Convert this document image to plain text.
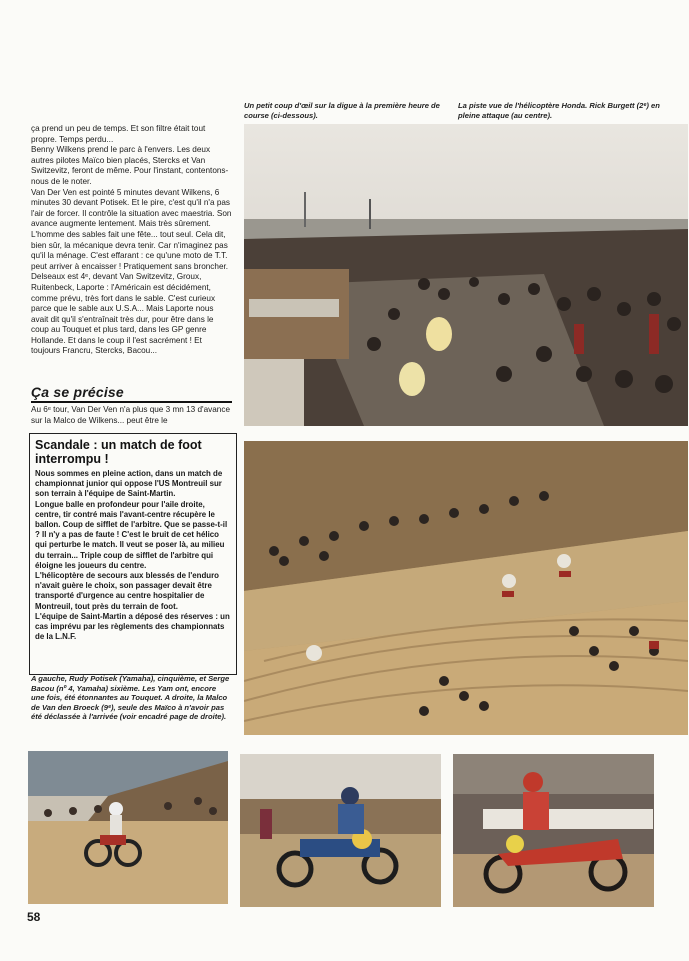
Un petit coup d'œil sur la digue à la première heure de course (ci-dessous).
La piste vue de l'hélicoptère Honda. Rick Burgett (2ᵉ) en pleine attaque (au centre).

ça prend un peu de temps. Et son filtre était tout propre. Temps perdu...

Benny Wilkens prend le parc à l'envers. Les deux autres pilotes Maïco bien placés, Stercks et Van Switzevitz, feront de même. Pour l'instant, contentons-nous de le noter.

Van Der Ven est pointé 5 minutes devant Wilkens, 6 minutes 30 devant Potisek. Et le pire, c'est qu'il n'a pas l'air de forcer. Il contrôle la situation avec maestria. Son avance augmente lentement. Mais très sûrement. L'homme des sables fait une fête... tout seul. Cela dit, bien sûr, la mécanique devra tenir. Car n'imaginez pas qu'il la ménage. C'est effarant : ce qu'une moto de T.T. peut arriver à encaisser ! Pratiquement sans broncher.

Delseaux est 4ᵉ, devant Van Switzevitz, Groux, Ruitenbeck, Laporte : l'Américain est décidément, comme prévu, très fort dans le sable. C'est curieux parce que le sable aux U.S.A... Mais Laporte nous avait dit qu'il s'entraînait très dur, pour être dans le coup au Touquet et plus tard, dans les GP genre Hollande. Et dans le coup il l'est sacrément ! Et toujours Francru, Stercks, Bacou...

Ça se précise
Au 6ᵉ tour, Van Der Ven n'a plus que 3 mn 13 d'avance sur la Malco de Wilkens... peut être le
Scandale : un match de foot interrompu !

Nous sommes en pleine action, dans un match de championnat junior qui oppose l'US Montreuil sur son terrain à l'équipe de Saint-Martin.

Longue balle en profondeur pour l'aile droite, centre, tir contré mais l'avant-centre récupère le ballon. Coup de sifflet de l'arbitre. Que se passe-t-il ? Il n'y a pas de faute ! C'est le bruit de cet hélico qui perturbe le match. Il veut se poser là, au milieu du terrain... Triple coup de sifflet de l'arbitre qui éloigne les joueurs du centre.

L'hélicoptère de secours aux blessés de l'enduro n'avait guère le choix, son passager devait être transporté d'urgence au centre hospitalier de Montreuil, tout près du terrain de foot.

L'équipe de Saint-Martin a déposé des réserves : un cas imprévu par les règlements des championnats de la L.N.F.

A gauche, Rudy Potisek (Yamaha), cinquième, et Serge Bacou (nº 4, Yamaha) sixième. Les Yam ont, encore une fois, été étonnantes au Touquet. A droite, la Malco de Van den Broeck (9ᵉ), seule des Maïco à n'avoir pas été déclassée à l'arrivée (voir encadré page de droite).
58
